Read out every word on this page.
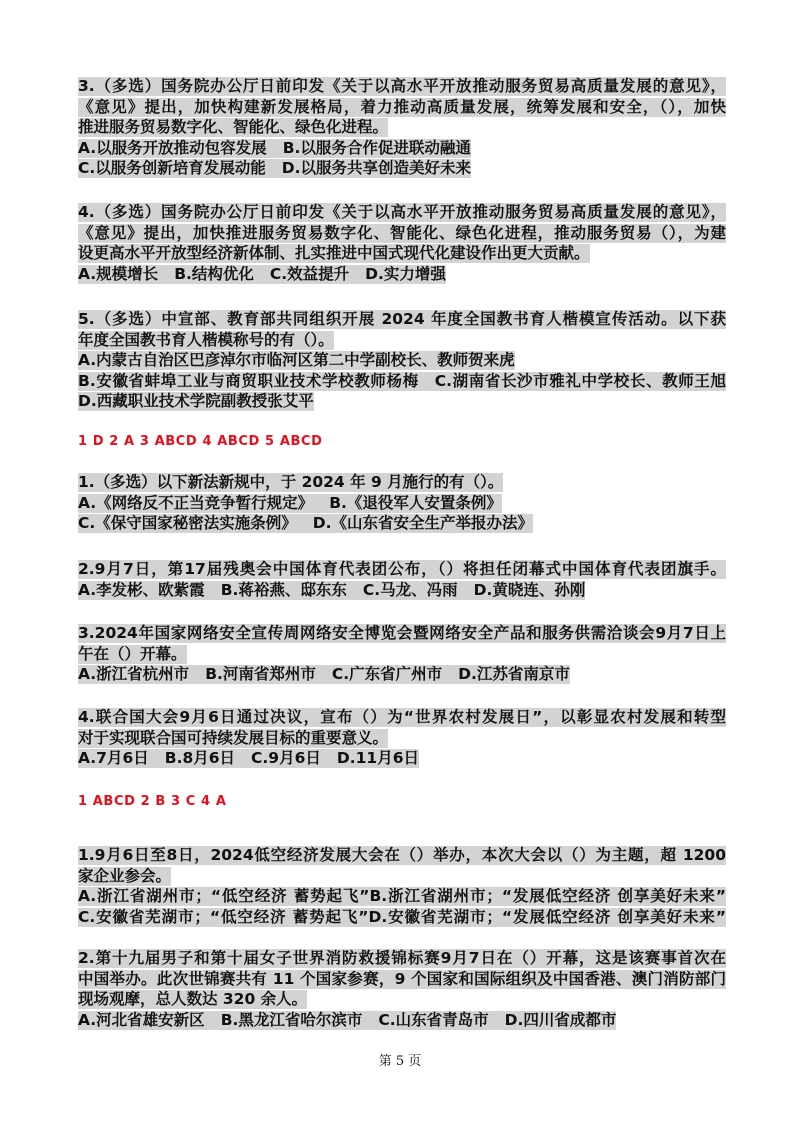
3.（多选）国务院办公厅日前印发《关于以高水平开放推动服务贸易高质量发展的意见》，
《意见》提出，加快构建新发展格局，着力推动高质量发展，统筹发展和安全，（），加快
推进服务贸易数字化、智能化、绿色化进程。
A.以服务开放推动包容发展 B.以服务合作促进联动融通
C.以服务创新培育发展动能 D.以服务共享创造美好未来
4.（多选）国务院办公厅日前印发《关于以高水平开放推动服务贸易高质量发展的意见》，
《意见》提出，加快推进服务贸易数字化、智能化、绿色化进程，推动服务贸易（），为建
设更高水平开放型经济新体制、扎实推进中国式现代化建设作出更大贡献。
A.规模增长 B.结构优化 C.效益提升 D.实力增强
5.（多选）中宣部、教育部共同组织开展 2024 年度全国教书育人楷模宣传活动。以下获
年度全国教书育人楷模称号的有（）。
A.内蒙古自治区巴彦淖尔市临河区第二中学副校长、教师贺来虎
B.安徽省蚌埠工业与商贸职业技术学校教师杨梅 C.湖南省长沙市雅礼中学校长、教师王旭
D.西藏职业技术学院副教授张艾平
1 D 2 A 3 ABCD 4 ABCD 5 ABCD
1.（多选）以下新法新规中，于 2024 年 9 月施行的有（）。
A.《网络反不正当竞争暂行规定》 B.《退役军人安置条例》
C.《保守国家秘密法实施条例》 D.《山东省安全生产举报办法》
2.9月7日，第17届残奥会中国体育代表团公布，（）将担任闭幕式中国体育代表团旗手。
A.李发彬、欧紫霞 B.蒋裕燕、邸东东 C.马龙、冯雨 D.黄晓连、孙刚
3.2024年国家网络安全宣传周网络安全博览会暨网络安全产品和服务供需洽谈会9月7日上
午在（）开幕。
A.浙江省杭州市 B.河南省郑州市 C.广东省广州市 D.江苏省南京市
4.联合国大会9月6日通过决议，宣布（）为“世界农村发展日”，以彰显农村发展和转型
对于实现联合国可持续发展目标的重要意义。
A.7月6日 B.8月6日 C.9月6日 D.11月6日
1 ABCD 2 B 3 C 4 A
1.9月6日至8日，2024低空经济发展大会在（）举办，本次大会以（）为主题，超 1200
家企业参会。
A.浙江省湖州市；“低空经济 蓄势起飞”B.浙江省湖州市；“发展低空经济 创享美好未来”
C.安徽省芜湖市；“低空经济 蓄势起飞”D.安徽省芜湖市；“发展低空经济 创享美好未来”
2.第十九届男子和第十届女子世界消防救援锦标赛9月7日在（）开幕，这是该赛事首次在
中国举办。此次世锦赛共有 11 个国家参赛，9 个国家和国际组织及中国香港、澳门消防部门
现场观摩，总人数达 320 余人。
A.河北省雄安新区 B.黑龙江省哈尔滨市 C.山东省青岛市 D.四川省成都市
第 5 页
